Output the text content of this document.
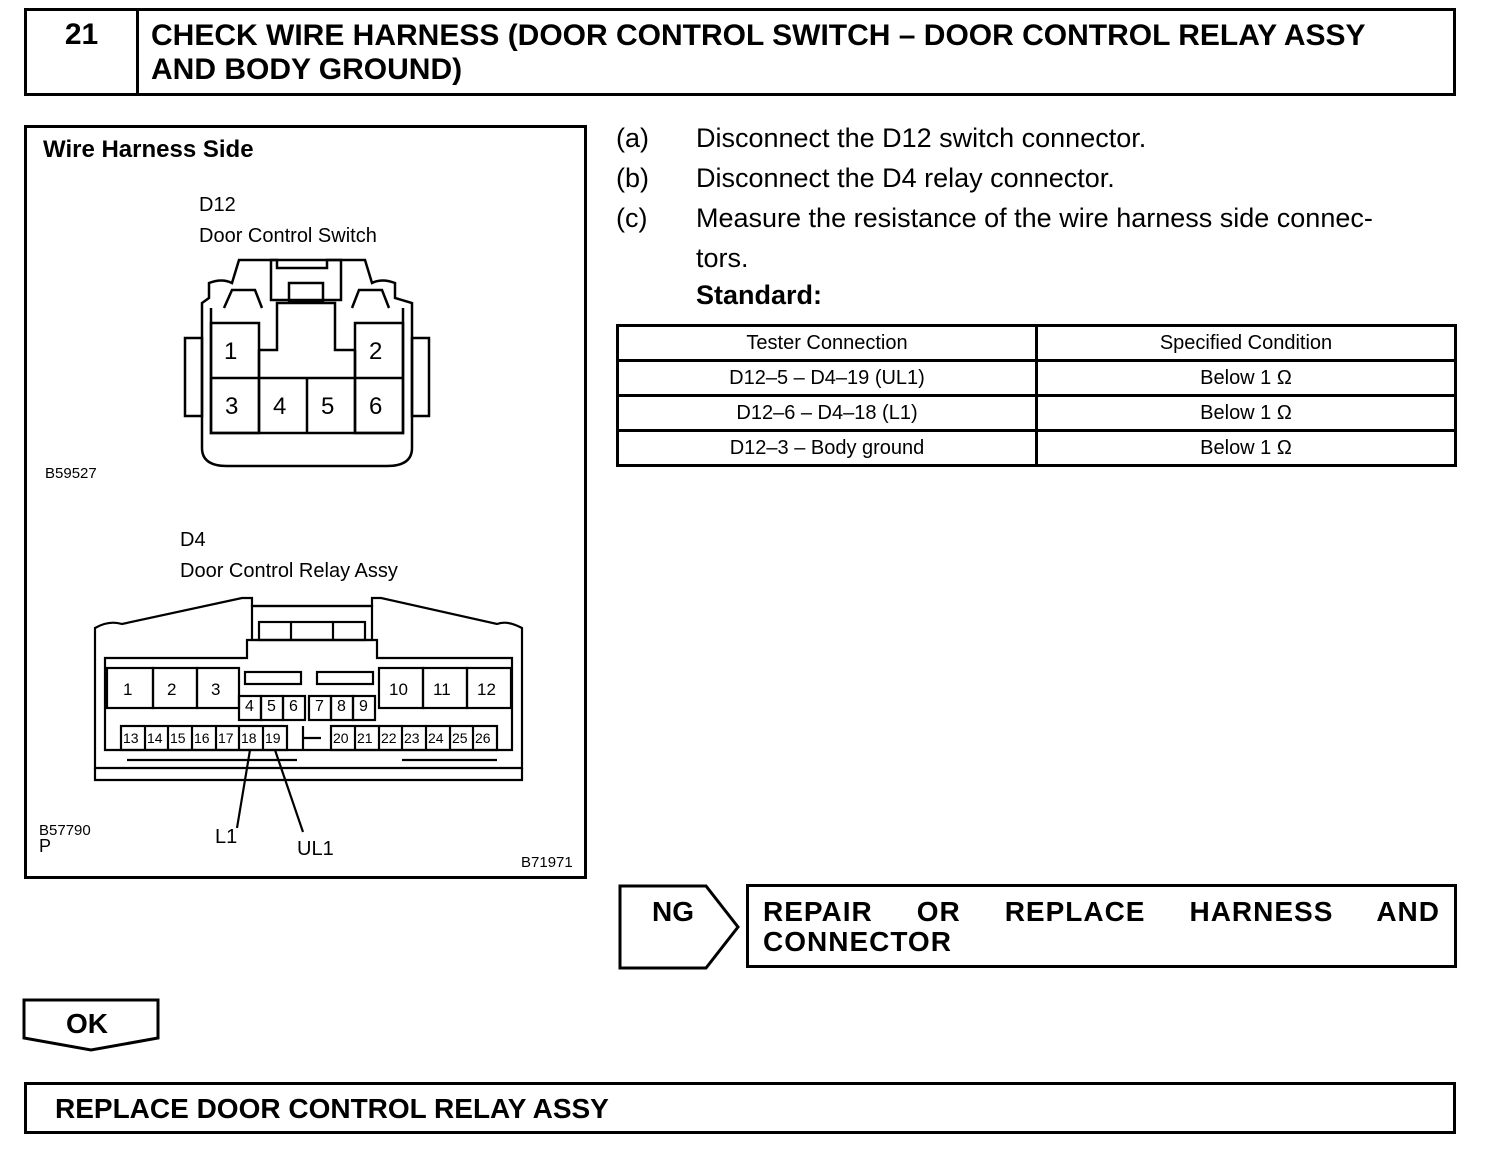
21	CHECK WIRE HARNESS (DOOR CONTROL SWITCH – DOOR CONTROL RELAY ASSY AND BODY GROUND)
Wire Harness Side
D12
Door Control Switch
1	2
3 4 5 6
B59527
D4
Door Control Relay Assy
1 2 3
4 5 6 7 8 9
10 11 12
13 14 15 16 17 18 19	20 21 22 23 24 25 26
L1
UL1
B57790
P
B71971
(a) Disconnect the D12 switch connector.
(b) Disconnect the D4 relay connector.
(c) Measure the resistance of the wire harness side connec-
tors.
Standard:
Tester Connection	Specified Condition
D12–5 – D4–19 (UL1)	Below 1 Ω
D12–6 – D4–18 (L1)	Below 1 Ω
D12–3 – Body ground	Below 1 Ω
NG REPAIR OR REPLACE HARNESS AND CONNECTOR
OK
REPLACE DOOR CONTROL RELAY ASSY
